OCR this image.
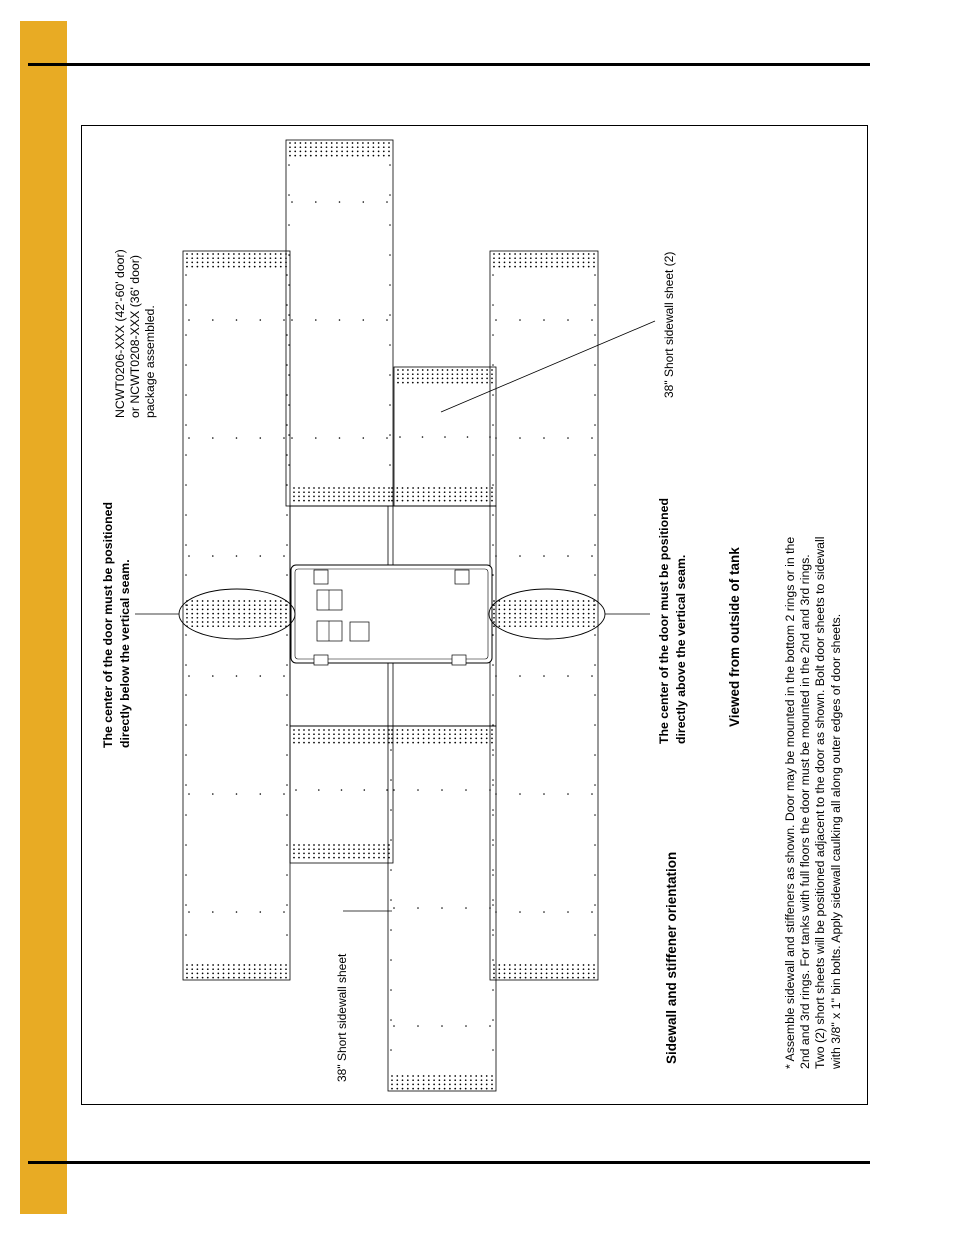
The center of the door must be positioned directly below the vertical seam.
NCWT0206-XXX (42'-60' door) or NCWT0208-XXX (36' door) package assembled.
The center of the door must be positioned directly above the vertical seam.
38" Short sidewall sheet (2)
38" Short sidewall sheet	Sidewall and stiffener orientation
Viewed from outside of tank	* Assemble sidewall and stiffeners as shown. Door may be mounted in the bottom 2 rings or in the 2nd and 3rd rings. For tanks with full floors the door must be mounted in the 2nd and 3rd rings. Two (2) short sheets will be positioned adjacent to the door as shown. Bolt door sheets to sidewall with 3/8" x 1" bin bolts. Apply sidewall caulking all along outer edges of door sheets.
